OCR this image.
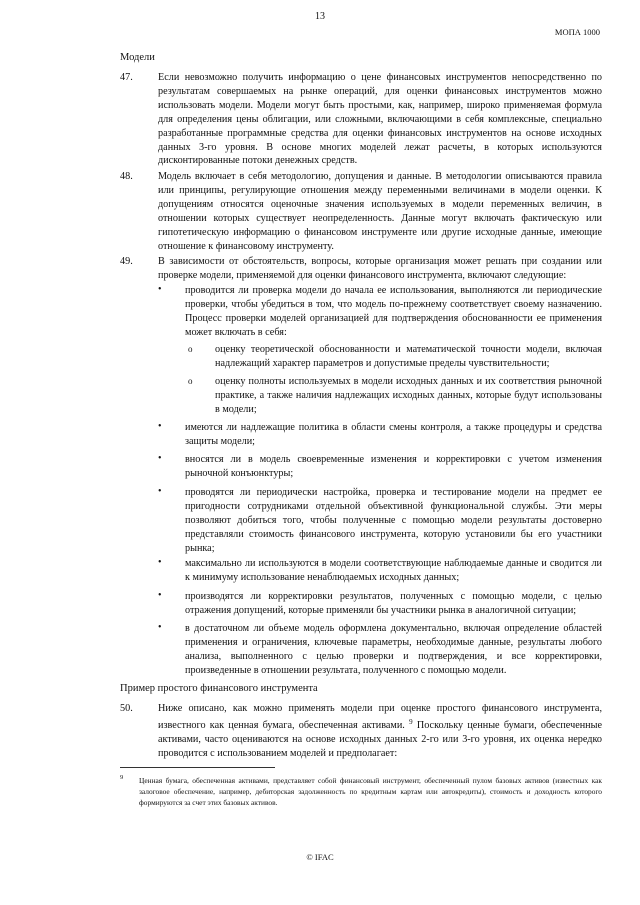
13
МОПА 1000
Модели
47. Если невозможно получить информацию о цене финансовых инструментов непосредственно по результатам совершаемых на рынке операций, для оценки финансовых инструментов можно использовать модели. Модели могут быть простыми, как, например, широко применяемая формула для определения цены облигации, или сложными, включающими в себя комплексные, специально разработанные программные средства для оценки финансовых инструментов на основе исходных данных 3-го уровня. В основе многих моделей лежат расчеты, в которых используются дисконтированные потоки денежных средств.
48. Модель включает в себя методологию, допущения и данные. В методологии описываются правила или принципы, регулирующие отношения между переменными величинами в модели оценки. К допущениям относятся оценочные значения используемых в модели переменных величин, в отношении которых существует неопределенность. Данные могут включать фактическую или гипотетическую информацию о финансовом инструменте или другие исходные данные, имеющие отношение к финансовому инструменту.
49. В зависимости от обстоятельств, вопросы, которые организация может решать при создании или проверке модели, применяемой для оценки финансового инструмента, включают следующие:
• проводится ли проверка модели до начала ее использования, выполняются ли периодические проверки, чтобы убедиться в том, что модель по-прежнему соответствует своему назначению. Процесс проверки моделей организацией для подтверждения обоснованности ее применения может включать в себя:
o оценку теоретической обоснованности и математической точности модели, включая надлежащий характер параметров и допустимые пределы чувствительности;
o оценку полноты используемых в модели исходных данных и их соответствия рыночной практике, а также наличия надлежащих исходных данных, которые будут использованы в модели;
• имеются ли надлежащие политика в области смены контроля, а также процедуры и средства защиты модели;
• вносятся ли в модель своевременные изменения и корректировки с учетом изменения рыночной конъюнктуры;
• проводятся ли периодически настройка, проверка и тестирование модели на предмет ее пригодности сотрудниками отдельной объективной функциональной службы. Эти меры позволяют добиться того, чтобы полученные с помощью модели результаты достоверно представляли стоимость финансового инструмента, которую установили бы его участники рынка;
• максимально ли используются в модели соответствующие наблюдаемые данные и сводится ли к минимуму использование ненаблюдаемых исходных данных;
• производятся ли корректировки результатов, полученных с помощью модели, с целью отражения допущений, которые применяли бы участники рынка в аналогичной ситуации;
• в достаточном ли объеме модель оформлена документально, включая определение областей применения и ограничения, ключевые параметры, необходимые данные, результаты любого анализа, выполненного с целью проверки и подтверждения, и все корректировки, произведенные в отношении результата, полученного с помощью модели.
Пример простого финансового инструмента
50. Ниже описано, как можно применять модели при оценке простого финансового инструмента, известного как ценная бумага, обеспеченная активами. $^9$ Поскольку ценные бумаги, обеспеченные активами, часто оцениваются на основе исходных данных 2-го или 3-го уровня, их оценка нередко проводится с использованием моделей и предполагает:
9 Ценная бумага, обеспеченная активами, представляет собой финансовый инструмент, обеспеченный пулом базовых активов (известных как залоговое обеспечение, например, дебиторская задолженность по кредитным картам или автокредиты), стоимость и доходность которого формируются за счет этих базовых активов.
© IFAC
